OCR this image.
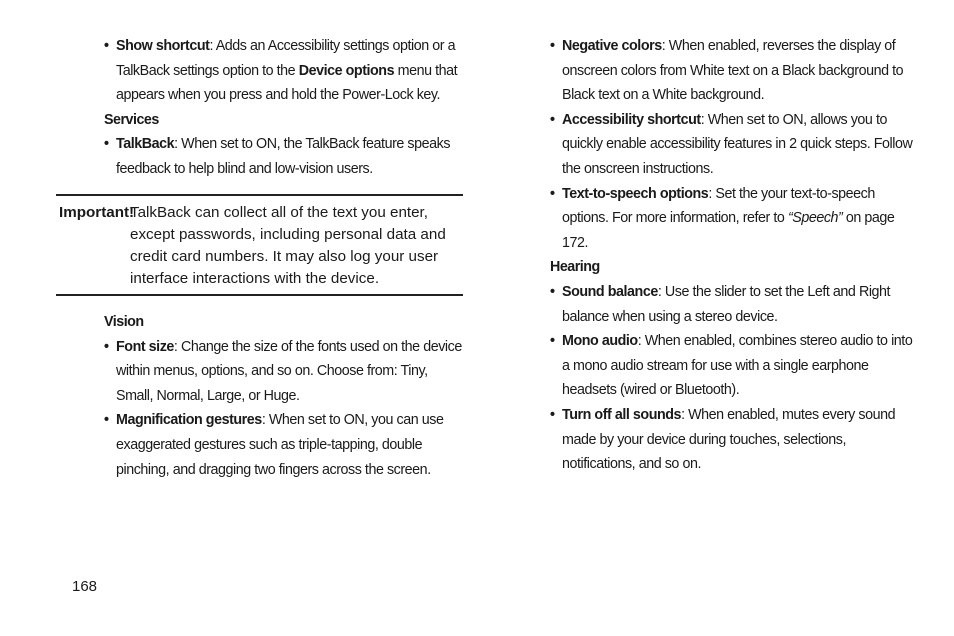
• Show shortcut: Adds an Accessibility settings option or a TalkBack settings option to the Device options menu that appears when you press and hold the Power-Lock key.
Services
• TalkBack: When set to ON, the TalkBack feature speaks feedback to help blind and low-vision users.
Important!
TalkBack can collect all of the text you enter, except passwords, including personal data and credit card numbers. It may also log your user interface interactions with the device.
Vision
• Font size: Change the size of the fonts used on the device within menus, options, and so on. Choose from: Tiny, Small, Normal, Large, or Huge.
• Magnification gestures: When set to ON, you can use exaggerated gestures such as triple-tapping, double pinching, and dragging two fingers across the screen.
• Negative colors: When enabled, reverses the display of onscreen colors from White text on a Black background to Black text on a White background.
• Accessibility shortcut: When set to ON, allows you to quickly enable accessibility features in 2 quick steps. Follow the onscreen instructions.
• Text-to-speech options: Set the your text-to-speech options. For more information, refer to “Speech” on page 172.
Hearing
• Sound balance: Use the slider to set the Left and Right balance when using a stereo device.
• Mono audio: When enabled, combines stereo audio to into a mono audio stream for use with a single earphone headsets (wired or Bluetooth).
• Turn off all sounds: When enabled, mutes every sound made by your device during touches, selections, notifications, and so on.
168
